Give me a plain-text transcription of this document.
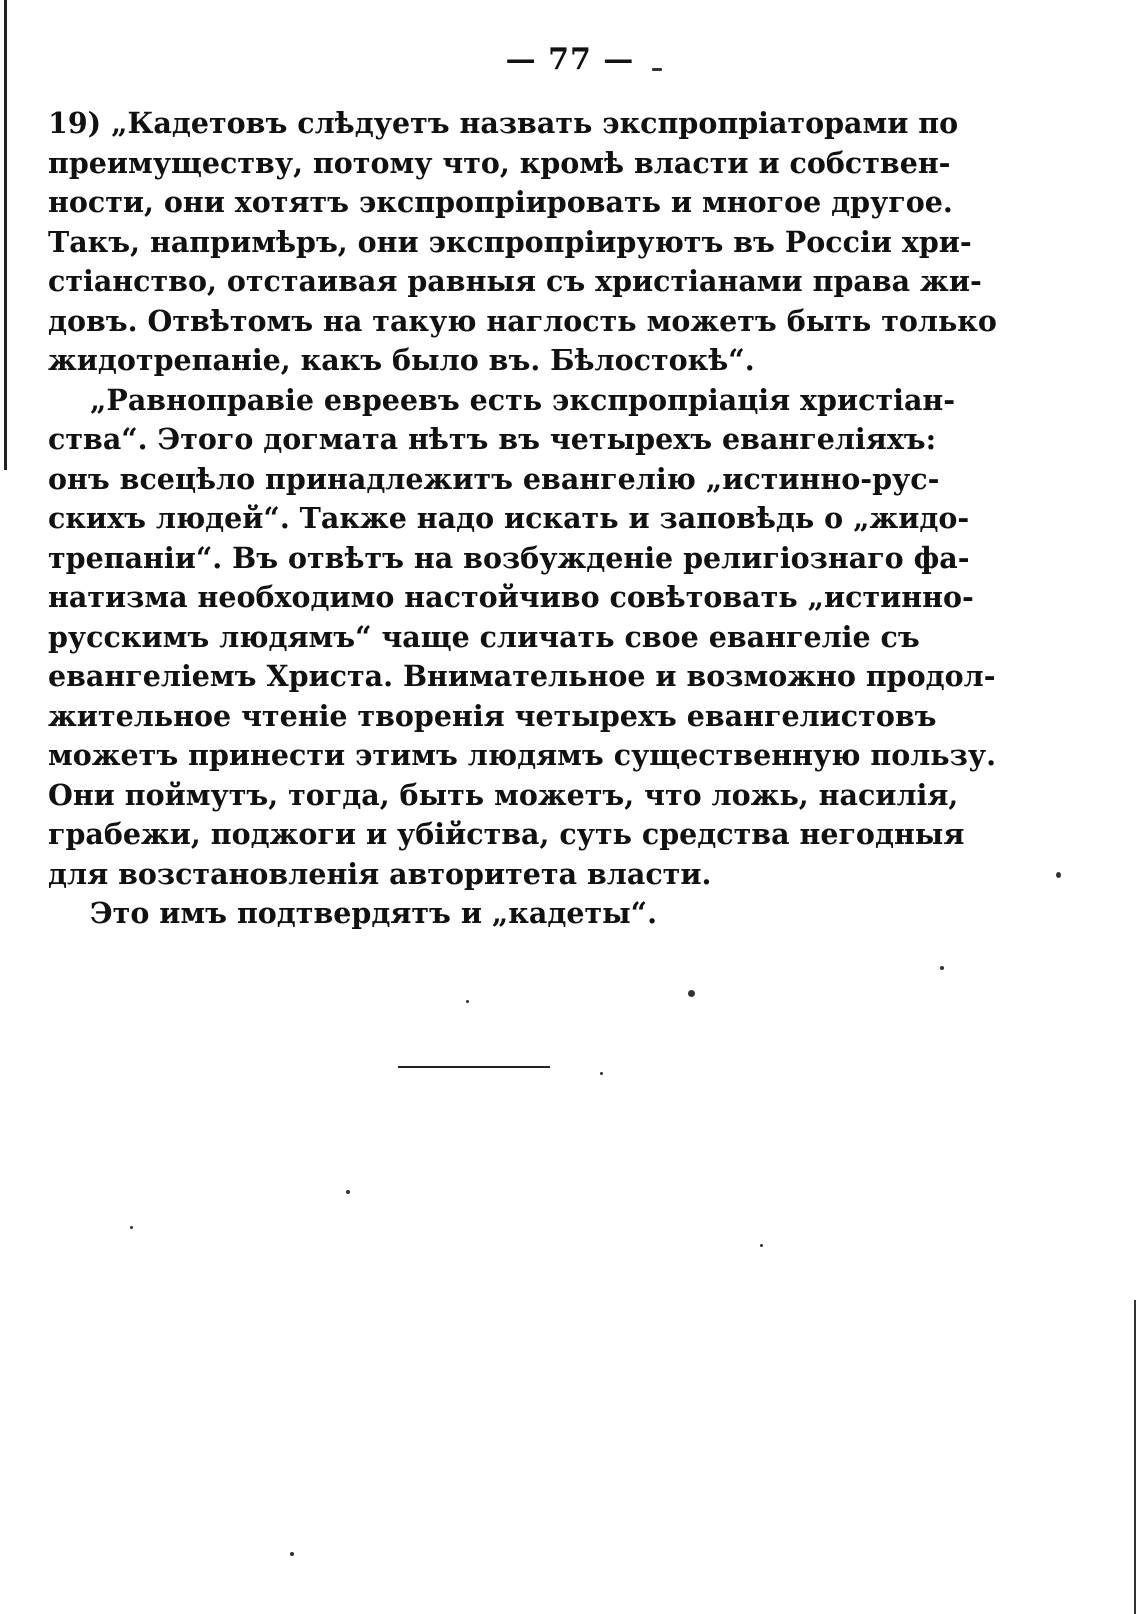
— 77 —
19) „Кадетовъ слѣдуетъ назвать экспропріаторами по
преимуществу, потому что, кромѣ власти и собствен-
ности, они хотятъ экспропріировать и многое другое.
Такъ, напримѣръ, они экспропріируютъ въ Россіи хри-
стіанство, отстаивая равныя съ христіанами права жи-
довъ. Отвѣтомъ на такую наглость можетъ быть только
жидотрепаніе, какъ было въ. Бѣлостокѣ“.
„Равноправіе евреевъ есть экспропріація христіан-
ства“. Этого догмата нѣтъ въ четырехъ евангеліяхъ:
онъ всецѣло принадлежитъ евангелію „истинно-рус-
скихъ людей“. Также надо искать и заповѣдь о „жидо-
трепаніи“. Въ отвѣтъ на возбужденіе религіознаго фа-
натизма необходимо настойчиво совѣтовать „истинно-
русскимъ людямъ“ чаще сличать свое евангеліе съ
евангеліемъ Христа. Внимательное и возможно продол-
жительное чтеніе творенія четырехъ евангелистовъ
можетъ принести этимъ людямъ существенную пользу.
Они поймутъ, тогда, быть можетъ, что ложь, насилія,
грабежи, поджоги и убійства, суть средства негодныя
для возстановленія авторитета власти.
Это имъ подтвердятъ и „кадеты“.
